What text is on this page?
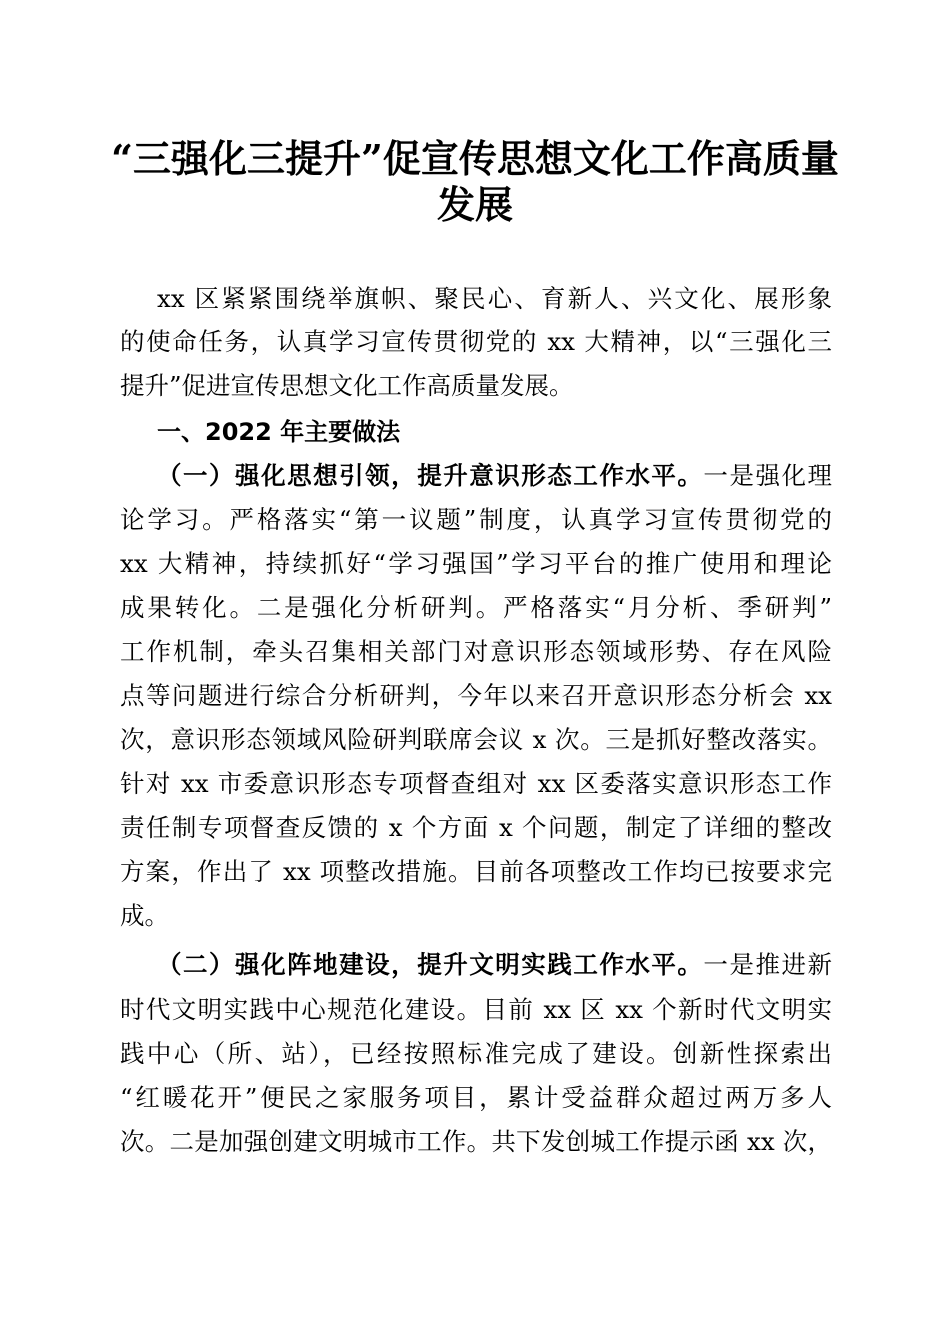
“三强化三提升”促宣传思想文化工作高质量
发展
xx 区紧紧围绕举旗帜、聚民心、育新人、兴文化、展形象
的使命任务，认真学习宣传贯彻党的 xx 大精神，以“三强化三
提升”促进宣传思想文化工作高质量发展。
一、2022 年主要做法
（一）强化思想引领，提升意识形态工作水平。一是强化理
论学习。严格落实“第一议题”制度，认真学习宣传贯彻党的
xx 大精神，持续抓好“学习强国”学习平台的推广使用和理论
成果转化。二是强化分析研判。严格落实“月分析、季研判”
工作机制，牵头召集相关部门对意识形态领域形势、存在风险
点等问题进行综合分析研判，今年以来召开意识形态分析会 xx
次，意识形态领域风险研判联席会议 x 次。三是抓好整改落实。
针对 xx 市委意识形态专项督查组对 xx 区委落实意识形态工作
责任制专项督查反馈的 x 个方面 x 个问题，制定了详细的整改
方案，作出了 xx 项整改措施。目前各项整改工作均已按要求完
成。
（二）强化阵地建设，提升文明实践工作水平。一是推进新
时代文明实践中心规范化建设。目前 xx 区 xx 个新时代文明实
践中心（所、站），已经按照标准完成了建设。创新性探索出
“红暖花开”便民之家服务项目，累计受益群众超过两万多人
次。二是加强创建文明城市工作。共下发创城工作提示函 xx 次，
